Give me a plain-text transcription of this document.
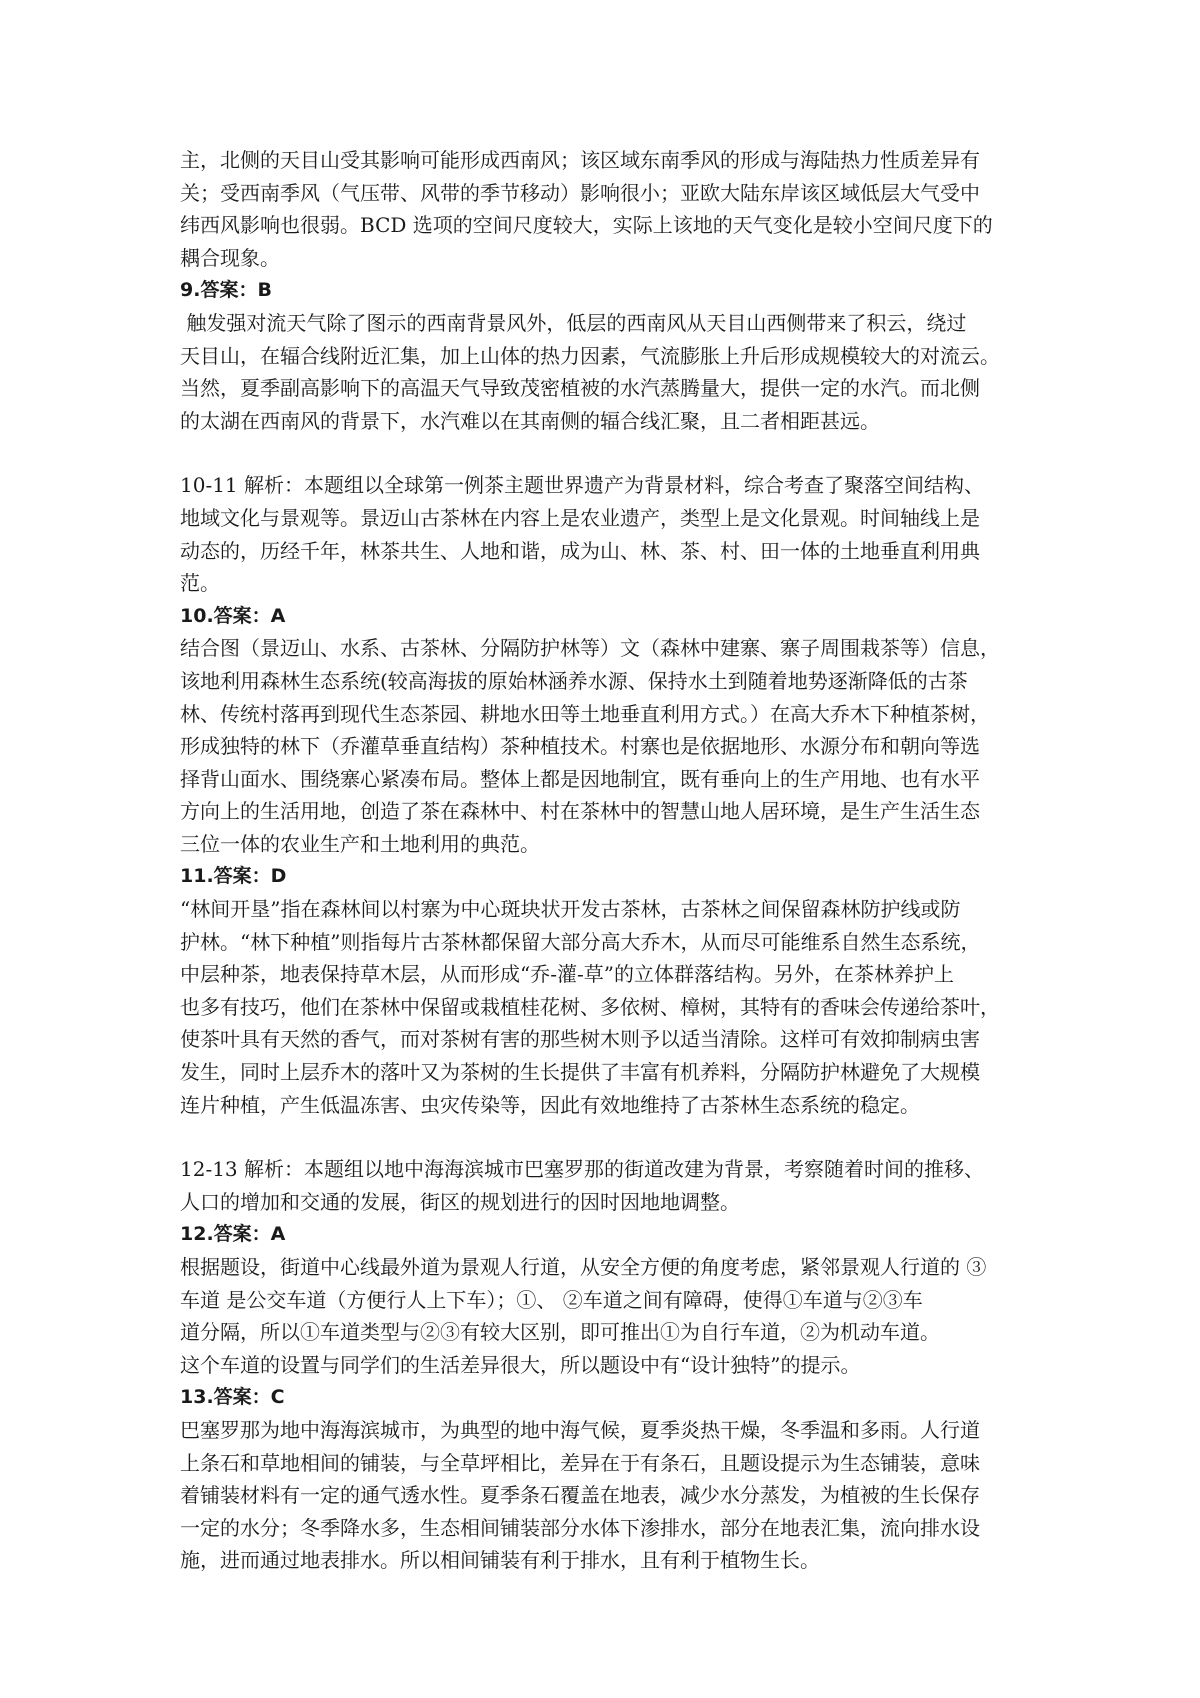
主，北侧的天目山受其影响可能形成西南风；该区域东南季风的形成与海陆热力性质差异有
关；受西南季风（气压带、风带的季节移动）影响很小；亚欧大陆东岸该区域低层大气受中
纬西风影响也很弱。BCD 选项的空间尺度较大，实际上该地的天气变化是较小空间尺度下的
耦合现象。

9.答案：B

触发强对流天气除了图示的西南背景风外，低层的西南风从天目山西侧带来了积云，绕过
天目山，在辐合线附近汇集，加上山体的热力因素，气流膨胀上升后形成规模较大的对流云。
当然，夏季副高影响下的高温天气导致茂密植被的水汽蒸腾量大，提供一定的水汽。而北侧
的太湖在西南风的背景下，水汽难以在其南侧的辐合线汇聚，且二者相距甚远。

10-11 解析：本题组以全球第一例茶主题世界遗产为背景材料，综合考查了聚落空间结构、
地域文化与景观等。景迈山古茶林在内容上是农业遗产，类型上是文化景观。时间轴线上是
动态的，历经千年，林茶共生、人地和谐，成为山、林、茶、村、田一体的土地垂直利用典
范。

10.答案：A

结合图（景迈山、水系、古茶林、分隔防护林等）文（森林中建寨、寨子周围栽茶等）信息，
该地利用森林生态系统(较高海拔的原始林涵养水源、保持水土到随着地势逐渐降低的古茶
林、传统村落再到现代生态茶园、耕地水田等土地垂直利用方式。）在高大乔木下种植茶树，
形成独特的林下（乔灌草垂直结构）茶种植技术。村寨也是依据地形、水源分布和朝向等选
择背山面水、围绕寨心紧凑布局。整体上都是因地制宜，既有垂向上的生产用地、也有水平
方向上的生活用地，创造了茶在森林中、村在茶林中的智慧山地人居环境，是生产生活生态
三位一体的农业生产和土地利用的典范。

11.答案：D

“林间开垦”指在森林间以村寨为中心斑块状开发古茶林，古茶林之间保留森林防护线或防
护林。“林下种植”则指每片古茶林都保留大部分高大乔木，从而尽可能维系自然生态系统，
中层种茶，地表保持草木层，从而形成“乔-灌-草”的立体群落结构。另外，在茶林养护上
也多有技巧，他们在茶林中保留或栽植桂花树、多依树、樟树，其特有的香味会传递给茶叶，
使茶叶具有天然的香气，而对茶树有害的那些树木则予以适当清除。这样可有效抑制病虫害
发生，同时上层乔木的落叶又为茶树的生长提供了丰富有机养料，分隔防护林避免了大规模
连片种植，产生低温冻害、虫灾传染等，因此有效地维持了古茶林生态系统的稳定。

12-13 解析：本题组以地中海海滨城市巴塞罗那的街道改建为背景，考察随着时间的推移、
人口的增加和交通的发展，街区的规划进行的因时因地地调整。

12.答案：A

根据题设，街道中心线最外道为景观人行道，从安全方便的角度考虑，紧邻景观人行道的 ③
车道 是公交车道（方便行人上下车）；①、 ②车道之间有障碍，使得①车道与②③车
道分隔，所以①车道类型与②③有较大区别，即可推出①为自行车道，②为机动车道。
这个车道的设置与同学们的生活差异很大，所以题设中有“设计独特”的提示。

13.答案：C

巴塞罗那为地中海海滨城市，为典型的地中海气候，夏季炎热干燥，冬季温和多雨。人行道
上条石和草地相间的铺装，与全草坪相比，差异在于有条石，且题设提示为生态铺装，意味
着铺装材料有一定的通气透水性。夏季条石覆盖在地表，减少水分蒸发，为植被的生长保存
一定的水分；冬季降水多，生态相间铺装部分水体下渗排水，部分在地表汇集，流向排水设
施，进而通过地表排水。所以相间铺装有利于排水，且有利于植物生长。
